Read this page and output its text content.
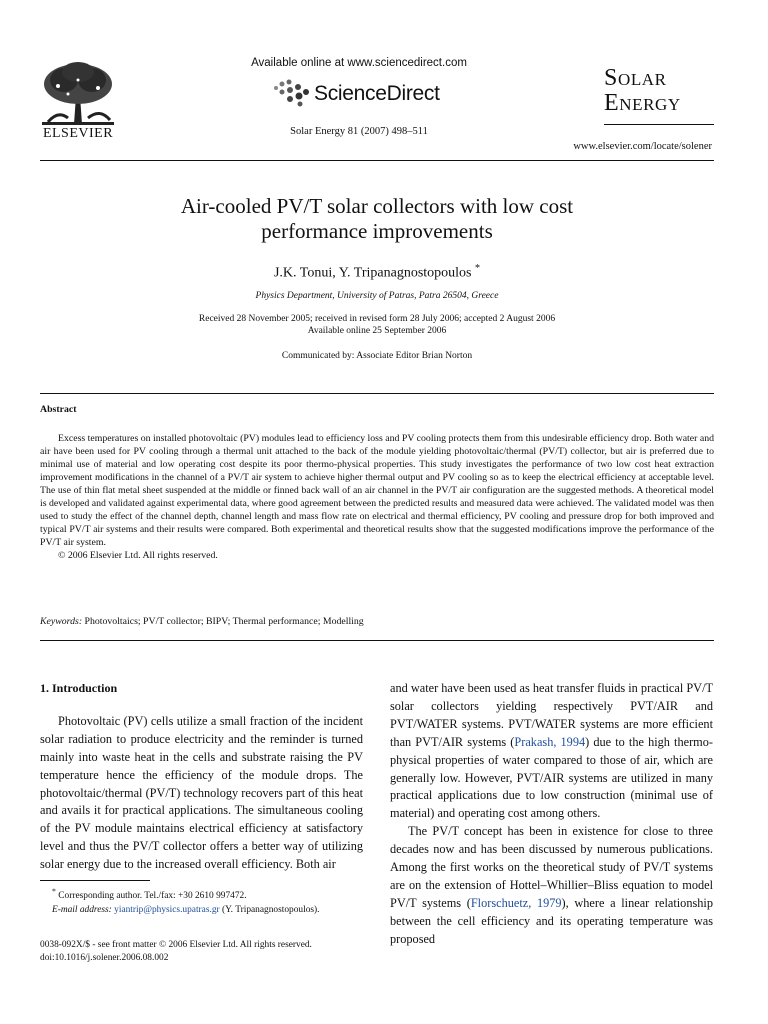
ELSEVIER
Available online at www.sciencedirect.com
ScienceDirect
Solar Energy 81 (2007) 498–511
Solar
Energy
www.elsevier.com/locate/solener
Air-cooled PV/T solar collectors with low cost
performance improvements
J.K. Tonui, Y. Tripanagnostopoulos *
Physics Department, University of Patras, Patra 26504, Greece
Received 28 November 2005; received in revised form 28 July 2006; accepted 2 August 2006
Available online 25 September 2006
Communicated by: Associate Editor Brian Norton
Abstract

Excess temperatures on installed photovoltaic (PV) modules lead to efficiency loss and PV cooling protects them from this undesirable efficiency drop. Both water and air have been used for PV cooling through a thermal unit attached to the back of the module yielding photovoltaic/thermal (PV/T) collector, but air is preferred due to minimal use of material and low operating cost despite its poor thermo-physical properties. This study investigates the performance of two low cost heat extraction improvement modifications in the channel of a PV/T air system to achieve higher thermal output and PV cooling so as to keep the electrical efficiency at acceptable level. The use of thin flat metal sheet suspended at the middle or finned back wall of an air channel in the PV/T air configuration are the suggested methods. A theoretical model is developed and validated against experimental data, where good agreement between the predicted results and measured data were achieved. The validated model was then used to study the effect of the channel depth, channel length and mass flow rate on electrical and thermal efficiency, PV cooling and pressure drop for both improved and typical PV/T air systems and their results were compared. Both experimental and theoretical results show that the suggested modifications improve the performance of the PV/T air system.

© 2006 Elsevier Ltd. All rights reserved.

Keywords: Photovoltaics; PV/T collector; BIPV; Thermal performance; Modelling

1. Introduction

Photovoltaic (PV) cells utilize a small fraction of the incident solar radiation to produce electricity and the reminder is turned mainly into waste heat in the cells and substrate raising the PV temperature hence the efficiency of the module drops. The photovoltaic/thermal (PV/T) technology recovers part of this heat and avails it for practical applications. The simultaneous cooling of the PV module maintains electrical efficiency at satisfactory level and thus the PV/T collector offers a better way of utilizing solar energy due to the increased overall efficiency. Both air

* Corresponding author. Tel./fax: +30 2610 997472.

E-mail address: yiantrip@physics.upatras.gr (Y. Tripanagnostopoulos).

0038-092X/$ - see front matter © 2006 Elsevier Ltd. All rights reserved.
doi:10.1016/j.solener.2006.08.002

and water have been used as heat transfer fluids in practical PV/T solar collectors yielding respectively PVT/AIR and PVT/WATER systems. PVT/WATER systems are more efficient than PVT/AIR systems (Prakash, 1994) due to the high thermo-physical properties of water compared to those of air, which are generally low. However, PVT/AIR systems are utilized in many practical applications due to low construction (minimal use of material) and operating cost among others.

The PV/T concept has been in existence for close to three decades now and has been discussed by numerous publications. Among the first works on the theoretical study of PV/T systems are on the extension of Hottel–Whillier–Bliss equation to model PV/T systems (Florschuetz, 1979), where a linear relationship between the cell efficiency and its operating temperature was proposed
